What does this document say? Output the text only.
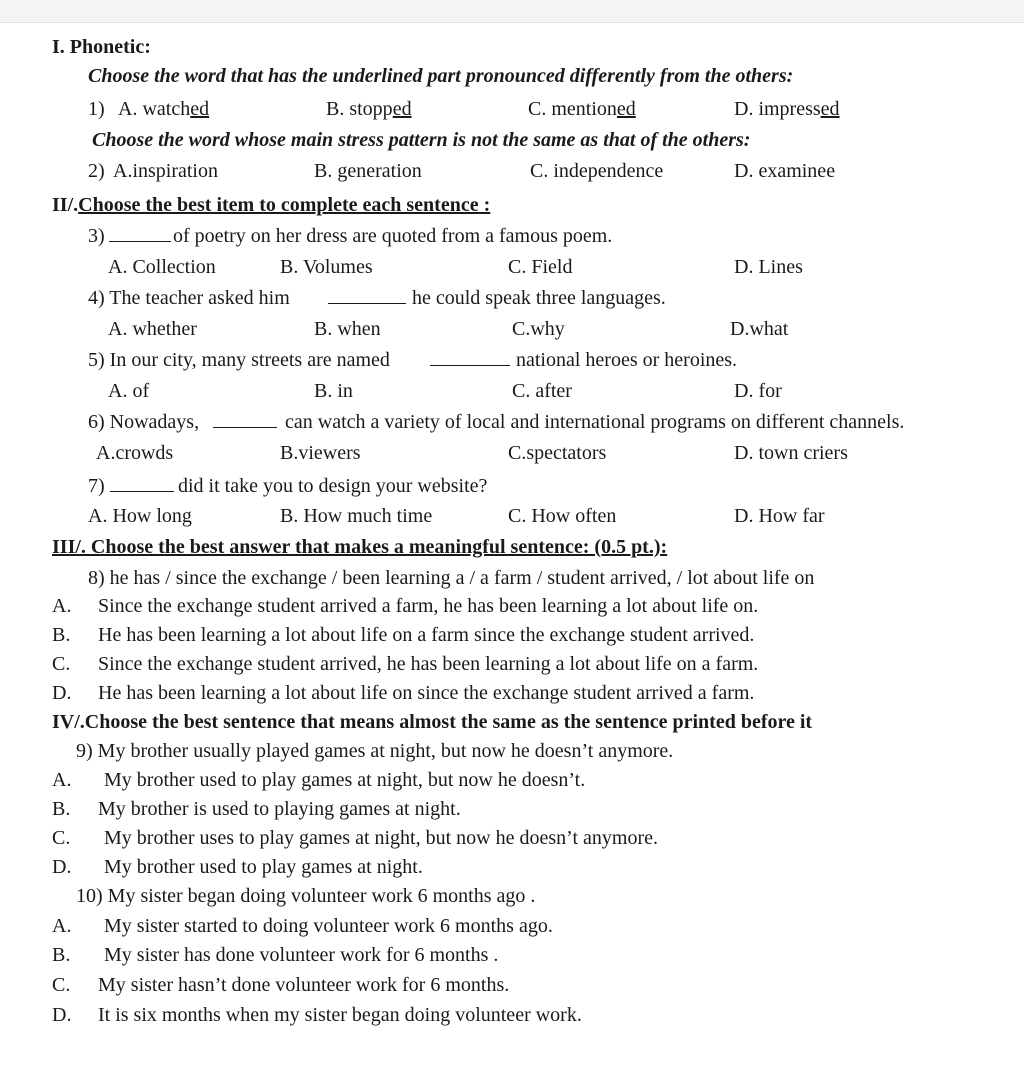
I. Phonetic:
Choose the word that has the underlined part pronounced differently from the others:
1) A. watched	B. stopped	C. mentioned	D. impressed
Choose the word whose main stress pattern is not the same as that of the others:
2) A.inspiration	B. generation	C. independence	D. examinee
II/.Choose the best item to complete each sentence :
3)	of poetry on her dress are quoted from a famous poem.
A. Collection	B. Volumes	C. Field	D. Lines
4) The teacher asked him	he could speak three languages.
A. whether	B. when	C.why	D.what
5) In our city, many streets are named	national heroes or heroines.
A. of	B. in	C. after	D. for
6) Nowadays,	can watch a variety of local and international programs on different channels.
A.crowds	B.viewers	C.spectators	D. town criers
7)	did it take you to design your website?
A. How long	B. How much time	C. How often	D. How far
III/. Choose the best answer that makes a meaningful sentence: (0.5 pt.):
8) he has / since the exchange / been learning a / a farm / student arrived, / lot about life on
A. Since the exchange student arrived a farm, he has been learning a lot about life on.
B. He has been learning a lot about life on a farm since the exchange student arrived.
C. Since the exchange student arrived, he has been learning a lot about life on a farm.
D. He has been learning a lot about life on since the exchange student arrived a farm.
IV/.Choose the best sentence that means almost the same as the sentence printed before it
9) My brother usually played games at night, but now he doesn’t anymore.
A. My brother used to play games at night, but now he doesn’t.
B. My brother is used to playing games at night.
C. My brother uses to play games at night, but now he doesn’t anymore.
D. My brother used to play games at night.
10) My sister began doing volunteer work 6 months ago .
A. My sister started to doing volunteer work 6 months ago.
B. My sister has done volunteer work for 6 months .
C. My sister hasn’t done volunteer work for 6 months.
D. It is six months when my sister began doing volunteer work.
